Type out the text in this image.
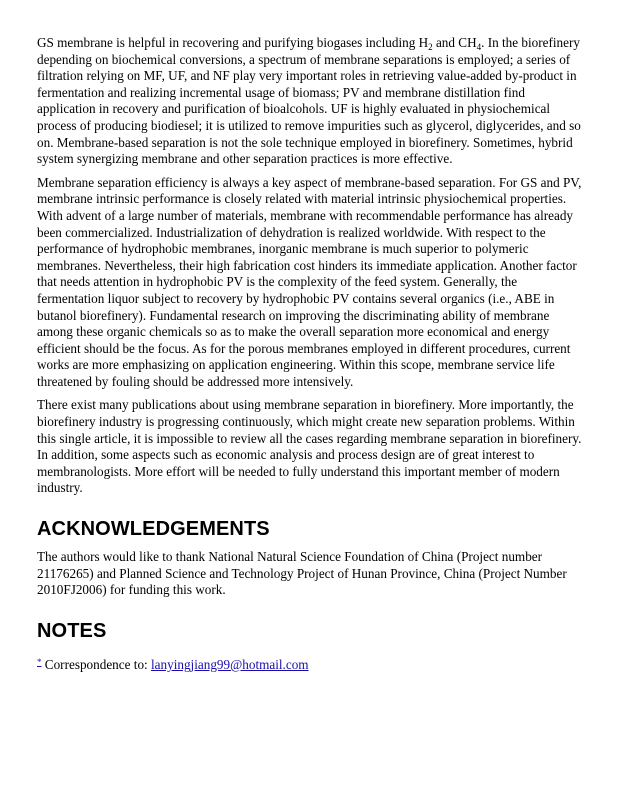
GS membrane is helpful in recovering and purifying biogases including $H_2$ and $CH_4$. In the biorefinery depending on biochemical conversions, a spectrum of membrane separations is employed; a series of filtration relying on MF, UF, and NF play very important roles in retrieving value-added by-product in fermentation and realizing incremental usage of biomass; PV and membrane distillation find application in recovery and purification of bioalcohols. UF is highly evaluated in physiochemical process of producing biodiesel; it is utilized to remove impurities such as glycerol, diglycerides, and so on. Membrane-based separation is not the sole technique employed in biorefinery. Sometimes, hybrid system synergizing membrane and other separation practices is more effective.

Membrane separation efficiency is always a key aspect of membrane-based separation. For GS and PV, membrane intrinsic performance is closely related with material intrinsic physiochemical properties. With advent of a large number of materials, membrane with recommendable performance has already been commercialized. Industrialization of dehydration is realized worldwide. With respect to the performance of hydrophobic membranes, inorganic membrane is much superior to polymeric membranes. Nevertheless, their high fabrication cost hinders its immediate application. Another factor that needs attention in hydrophobic PV is the complexity of the feed system. Generally, the fermentation liquor subject to recovery by hydrophobic PV contains several organics (i.e., ABE in butanol biorefinery). Fundamental research on improving the discriminating ability of membrane among these organic chemicals so as to make the overall separation more economical and energy efficient should be the focus. As for the porous membranes employed in different procedures, current works are more emphasizing on application engineering. Within this scope, membrane service life threatened by fouling should be addressed more intensively.

There exist many publications about using membrane separation in biorefinery. More importantly, the biorefinery industry is progressing continuously, which might create new separation problems. Within this single article, it is impossible to review all the cases regarding membrane separation in biorefinery. In addition, some aspects such as economic analysis and process design are of great interest to membranologists. More effort will be needed to fully understand this important member of modern industry.

ACKNOWLEDGEMENTS

The authors would like to thank National Natural Science Foundation of China (Project number 21176265) and Planned Science and Technology Project of Hunan Province, China (Project Number 2010FJ2006) for funding this work.

NOTES

* Correspondence to: lanyingjiang99@hotmail.com
